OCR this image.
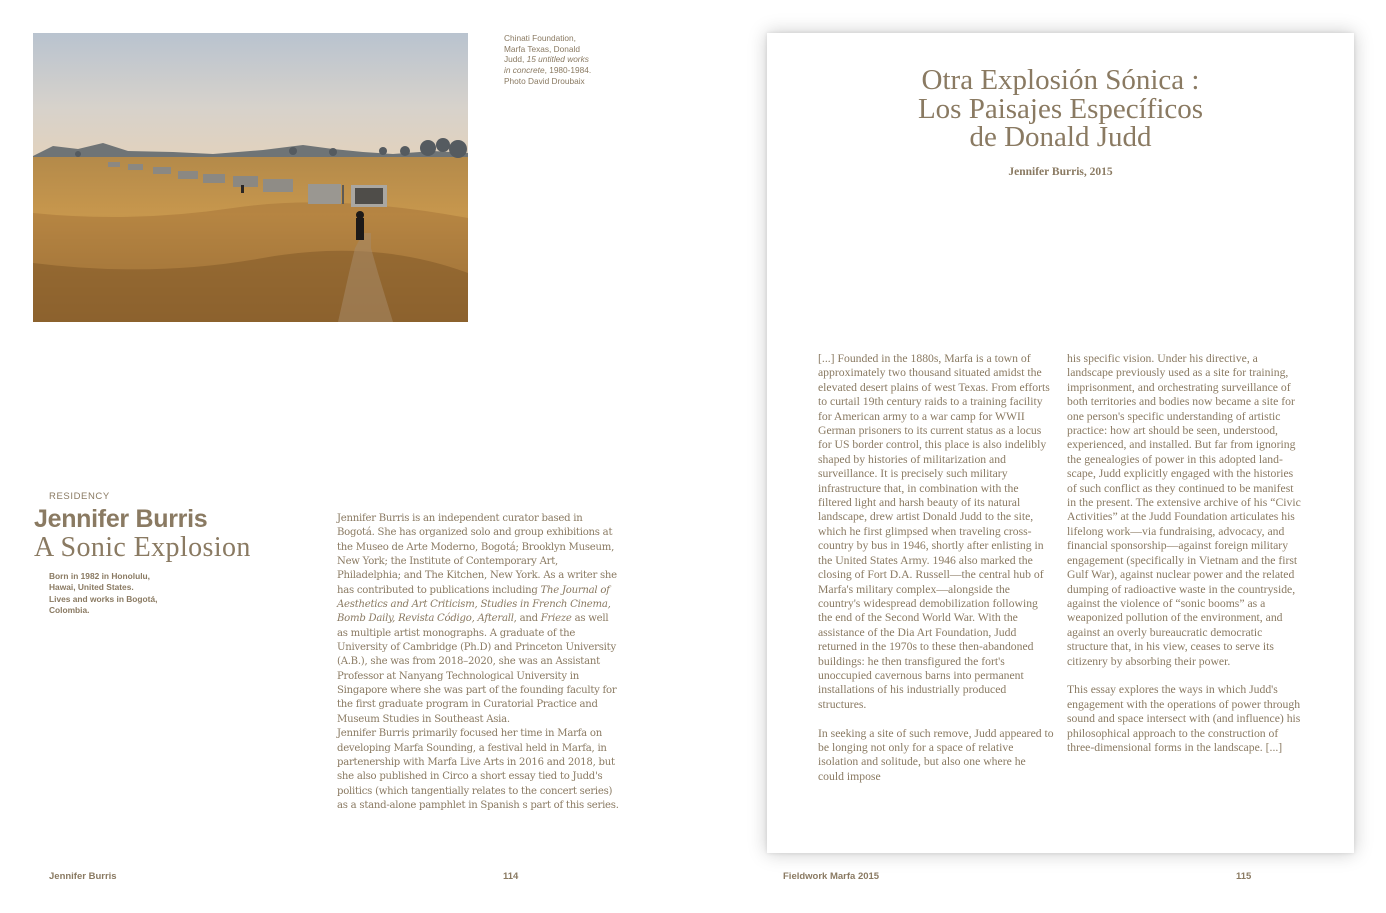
Chinati Foundation,
Marfa Texas, Donald
Judd, 15 untitled works
in concrete, 1980-1984.
Photo David Droubaix
RESIDENCY
Jennifer Burris
A Sonic Explosion
Born in 1982 in Honolulu,
Hawai, United States.
Lives and works in Bogotá,
Colombia.

Jennifer Burris is an independent curator based in Bogotá. She has organized solo and group exhibitions at the Museo de Arte Moderno, Bogotá; Brooklyn Museum, New York; the Institute of Contemporary Art, Philadelphia; and The Kitchen, New York. As a writer she has contributed to publications including The Journal of Aesthetics and Art Criticism, Studies in French Cinema, Bomb Daily, Revista Código, Afterall, and Frieze as well as multiple artist monographs. A graduate of the University of Cambridge (Ph.D) and Princeton University (A.B.), she was from 2018–2020, she was an Assistant Professor at Nanyang Technological University in Singapore where she was part of the founding faculty for the first graduate program in Curatorial Practice and Museum Studies in Southeast Asia.

Jennifer Burris primarily focused her time in Marfa on developing Marfa Sounding, a festival held in Marfa, in partenership with Marfa Live Arts in 2016 and 2018, but she also published in Circo a short essay tied to Judd's politics (which tangentially relates to the concert series) as a stand-alone pamphlet in Spanish s part of this series.

Jennifer Burris	114	Fieldwork Marfa 2015	115
Otra Explosión Sónica :
Los Paisajes Específicos
de Donald Judd
Jennifer Burris, 2015

[...] Founded in the 1880s, Marfa is a town of approximately two thousand situated amidst the elevated desert plains of west Texas. From efforts to curtail 19th century raids to a training facility for American army to a war camp for WWII German prisoners to its current status as a locus for US border control, this place is also indelibly shaped by histories of militarization and surveillance. It is precisely such military infrastructure that, in combination with the filtered light and harsh beauty of its natural landscape, drew artist Donald Judd to the site, which he first glimpsed when traveling cross-country by bus in 1946, shortly after enlisting in the United States Army. 1946 also marked the closing of Fort D.A. Russell—the central hub of Marfa's military complex—alongside the country's widespread demobilization following the end of the Second World War. With the assistance of the Dia Art Foundation, Judd returned in the 1970s to these then-abandoned buildings: he then transfigured the fort's unoccupied cavernous barns into permanent installations of his industrially produced structures.

In seeking a site of such remove, Judd appeared to be longing not only for a space of relative isolation and solitude, but also one where he could impose

his specific vision. Under his directive, a landscape previously used as a site for training, imprisonment, and orchestrating surveillance of both territories and bodies now became a site for one person's specific understanding of artistic practice: how art should be seen, understood, experienced, and installed. But far from ignoring the genealogies of power in this adopted land-scape, Judd explicitly engaged with the histories of such conflict as they continued to be manifest in the present. The extensive archive of his “Civic Activities” at the Judd Foundation articulates his lifelong work—via fundraising, advocacy, and financial sponsorship—against foreign military engagement (specifically in Vietnam and the first Gulf War), against nuclear power and the related dumping of radioactive waste in the countryside, against the violence of “sonic booms” as a weaponized pollution of the environment, and against an overly bureaucratic democratic structure that, in his view, ceases to serve its citizenry by absorbing their power.

This essay explores the ways in which Judd's engagement with the operations of power through sound and space intersect with (and influence) his philosophical approach to the construction of three-dimensional forms in the landscape. [...]
